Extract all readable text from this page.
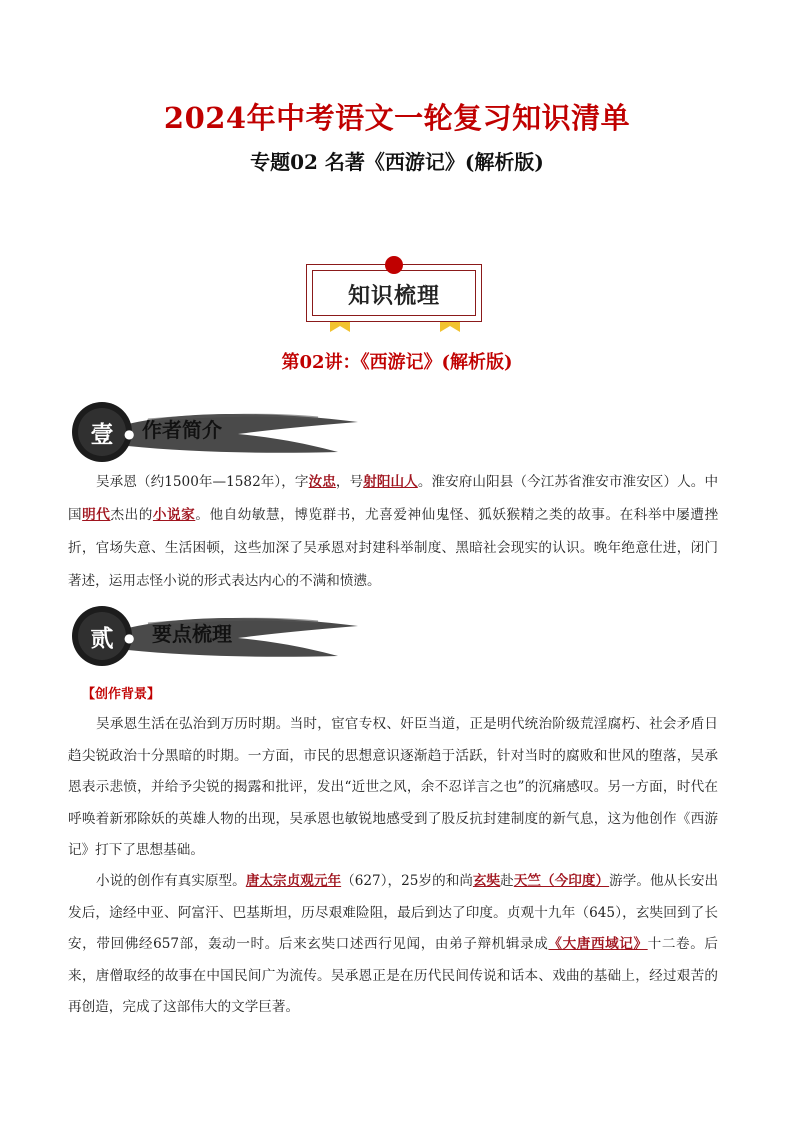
2024年中考语文一轮复习知识清单
专题02 名著《西游记》(解析版)
知识梳理
第02讲：《西游记》(解析版)
壹 ● 作者简介
吴承恩（约1500年—1582年），字汝忠，号射阳山人。淮安府山阳县（今江苏省淮安市淮安区）人。中国明代杰出的小说家。他自幼敏慧，博览群书，尤喜爱神仙鬼怪、狐妖猴精之类的故事。在科举中屡遭挫折，官场失意、生活困顿，这些加深了吴承恩对封建科举制度、黑暗社会现实的认识。晚年绝意仕进，闭门著述，运用志怪小说的形式表达内心的不满和愤懑。
贰 ● 要点梳理
【创作背景】
吴承恩生活在弘治到万历时期。当时，宦官专权、奸臣当道，正是明代统治阶级荒淫腐朽、社会矛盾日趋尖锐政治十分黑暗的时期。一方面，市民的思想意识逐渐趋于活跃，针对当时的腐败和世风的堕落，吴承恩表示悲愤，并给予尖锐的揭露和批评，发出“近世之风，余不忍详言之也”的沉痛感叹。另一方面，时代在呼唤着新邪除妖的英雄人物的出现，吴承恩也敏锐地感受到了股反抗封建制度的新气息，这为他创作《西游记》打下了思想基础。
小说的创作有真实原型。唐太宗贞观元年（627），25岁的和尚玄奘赴天竺（今印度）游学。他从长安出发后，途经中亚、阿富汗、巴基斯坦，历尽艰难险阻，最后到达了印度。贞观十九年（645），玄奘回到了长安，带回佛经657部，轰动一时。后来玄奘口述西行见闻，由弟子辩机辑录成《大唐西域记》十二卷。后来，唐僧取经的故事在中国民间广为流传。吴承恩正是在历代民间传说和话本、戏曲的基础上，经过艰苦的再创造，完成了这部伟大的文学巨著。
